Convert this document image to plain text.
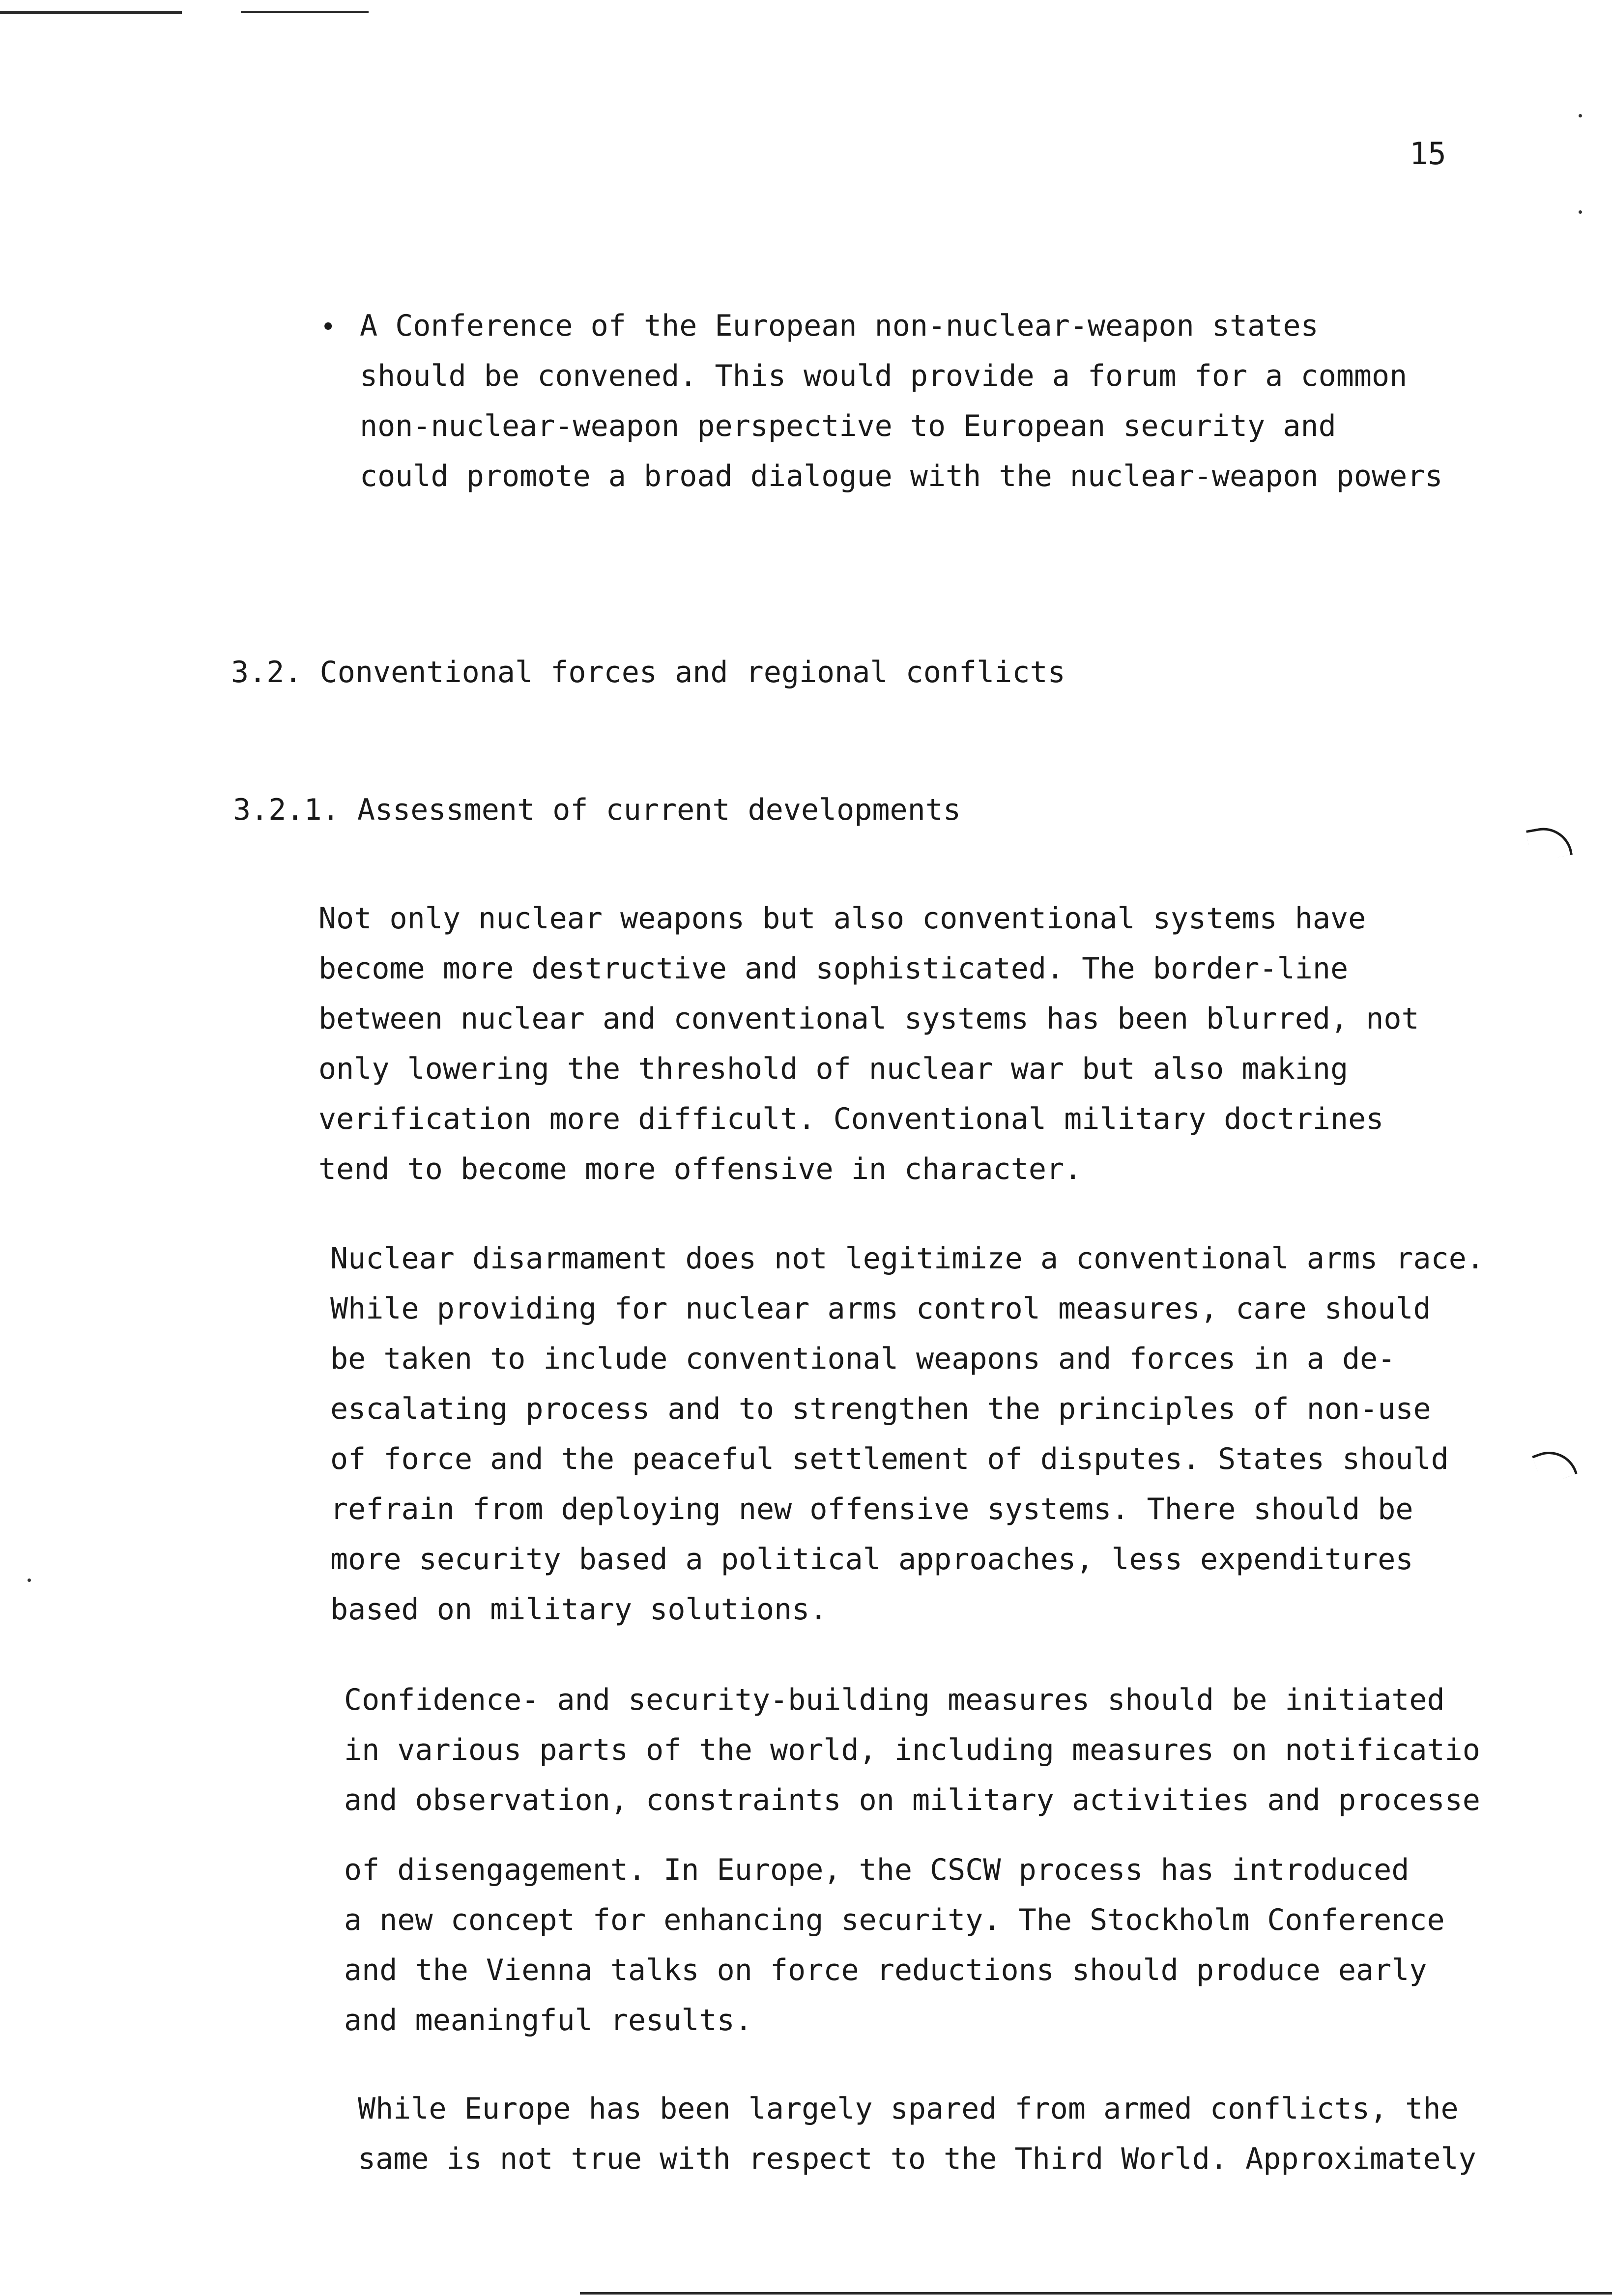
15
• A Conference of the European non-nuclear-weapon states
should be convened. This would provide a forum for a common
non-nuclear-weapon perspective to European security and
could promote a broad dialogue with the nuclear-weapon powers
3.2. Conventional forces and regional conflicts
3.2.1. Assessment of current developments
Not only nuclear weapons but also conventional systems have
become more destructive and sophisticated. The border-line
between nuclear and conventional systems has been blurred, not
only lowering the threshold of nuclear war but also making
verification more difficult. Conventional military doctrines
tend to become more offensive in character.
Nuclear disarmament does not legitimize a conventional arms race.
While providing for nuclear arms control measures, care should
be taken to include conventional weapons and forces in a de-
escalating process and to strengthen the principles of non-use
of force and the peaceful settlement of disputes. States should
refrain from deploying new offensive systems. There should be
more security based a political approaches, less expenditures
based on military solutions.
Confidence- and security-building measures should be initiated
in various parts of the world, including measures on notificatio
and observation, constraints on military activities and processe
of disengagement. In Europe, the CSCW process has introduced
a new concept for enhancing security. The Stockholm Conference
and the Vienna talks on force reductions should produce early
and meaningful results.
While Europe has been largely spared from armed conflicts, the
same is not true with respect to the Third World. Approximately
